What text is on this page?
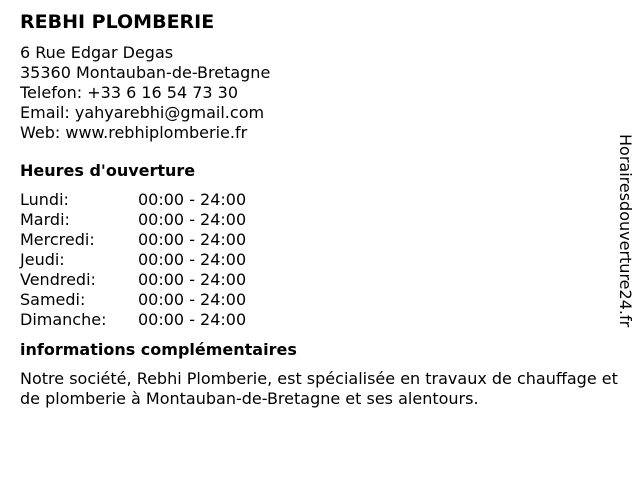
REBHI PLOMBERIE
6 Rue Edgar Degas
35360 Montauban-de-Bretagne
Telefon: +33 6 16 54 73 30
Email: yahyarebhi@gmail.com
Web: www.rebhiplomberie.fr
Heures d'ouverture
Lundi:	00:00 - 24:00
Mardi:	00:00 - 24:00
Mercredi:	00:00 - 24:00
Jeudi:	00:00 - 24:00
Vendredi:	00:00 - 24:00
Samedi:	00:00 - 24:00
Dimanche: 00:00 - 24:00
informations complémentaires
Notre société, Rebhi Plomberie, est spécialisée en travaux de chauffage et de plomberie à Montauban-de-Bretagne et ses alentours.
Horairesdouverture24.fr
